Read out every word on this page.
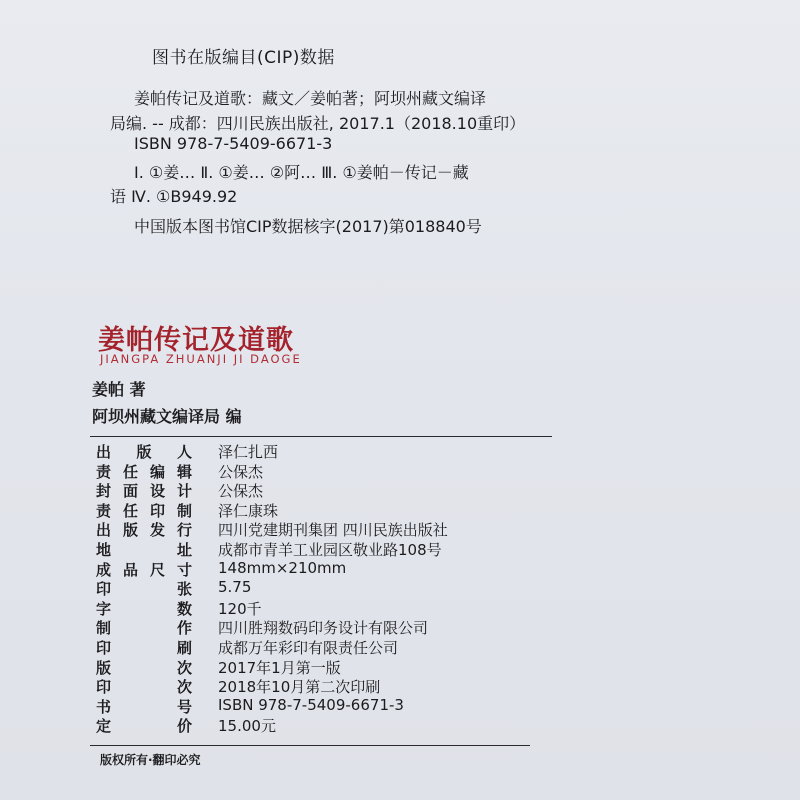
图书在版编目(CIP)数据
姜帕传记及道歌：藏文／姜帕著；阿坝州藏文编译
局编. -- 成都：四川民族出版社, 2017.1（2018.10重印）
ISBN 978-7-5409-6671-3
Ⅰ. ①姜… Ⅱ. ①姜… ②阿… Ⅲ. ①姜帕－传记－藏
语 Ⅳ. ①B949.92
中国版本图书馆CIP数据核字(2017)第018840号
姜帕传记及道歌
JIANGPA ZHUANJI JI DAOGE
姜帕 著
阿坝州藏文编译局 编
出 版 人 泽仁扎西
责 任 编 辑 公保杰
封 面 设 计 公保杰
责 任 印 制 泽仁康珠
出 版 发 行 四川党建期刊集团 四川民族出版社
地	址 成都市青羊工业园区敬业路108号
成 品 尺 寸 148mm×210mm
印	张 5.75
字	数 120千
制	作 四川胜翔数码印务设计有限公司
印	刷 成都万年彩印有限责任公司
版	次 2017年1月第一版
印	次 2018年10月第二次印刷
书	号 ISBN 978-7-5409-6671-3
定	价 15.00元
版权所有·翻印必究
